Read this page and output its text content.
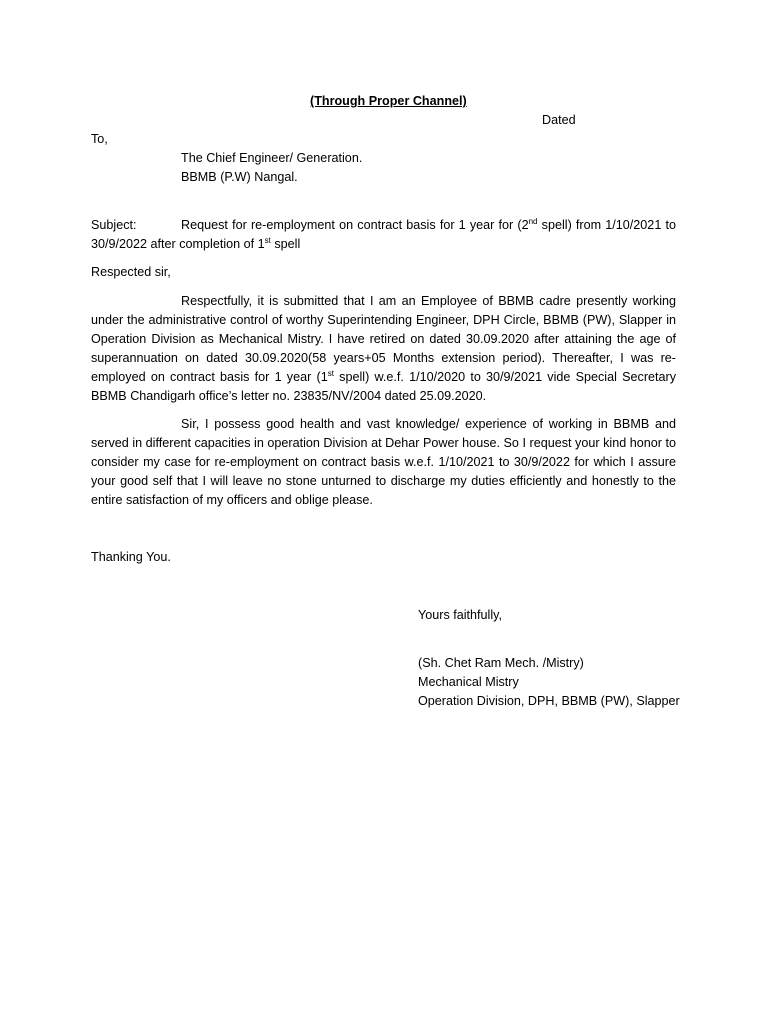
(Through Proper Channel)
Dated
To,
The Chief Engineer/ Generation.
BBMB (P.W) Nangal.
Subject:	Request for re-employment on contract basis for 1 year for (2nd spell) from 1/10/2021 to
30/9/2022 after completion of 1st spell
Respected sir,
Respectfully, it is submitted that I am an Employee of BBMB cadre presently working under the administrative control of worthy Superintending Engineer, DPH Circle, BBMB (PW), Slapper in Operation Division as Mechanical Mistry. I have retired on dated 30.09.2020 after attaining the age of superannuation on dated 30.09.2020(58 years+05 Months extension period). Thereafter, I was re-employed on contract basis for 1 year (1st spell) w.e.f. 1/10/2020 to 30/9/2021 vide Special Secretary BBMB Chandigarh office’s letter no. 23835/NV/2004 dated 25.09.2020.
Sir, I possess good health and vast knowledge/ experience of working in BBMB and served in different capacities in operation Division at Dehar Power house. So I request your kind honor to consider my case for re-employment on contract basis w.e.f. 1/10/2021 to 30/9/2022 for which I assure your good self that I will leave no stone unturned to discharge my duties efficiently and honestly to the entire satisfaction of my officers and oblige please.
Thanking You.
Yours faithfully,
(Sh. Chet Ram Mech. /Mistry)
Mechanical Mistry
Operation Division, DPH, BBMB (PW), Slapper
